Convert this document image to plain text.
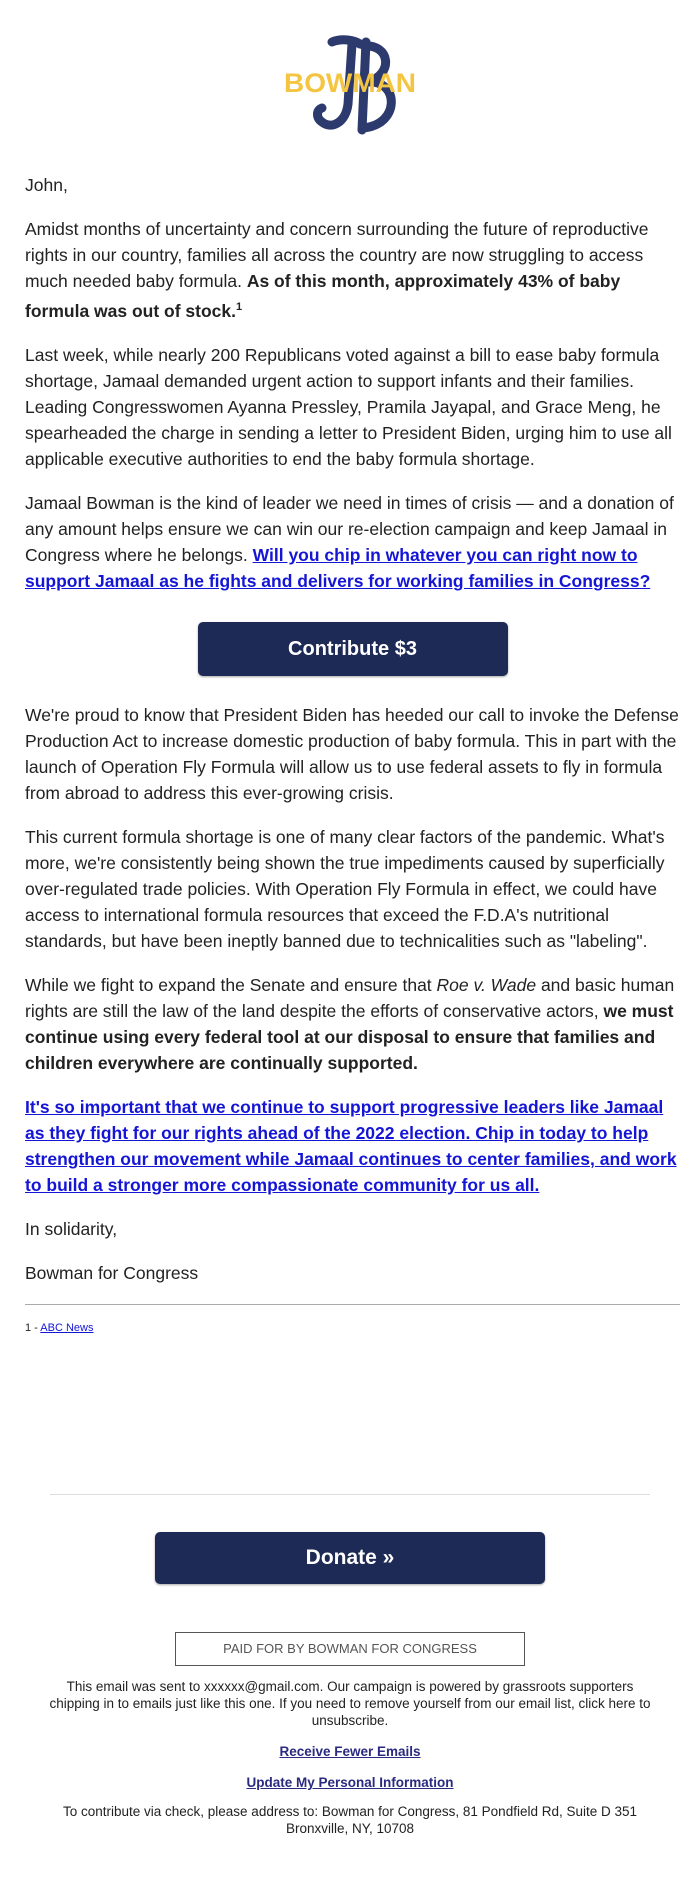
BOWMAN

John,

Amidst months of uncertainty and concern surrounding the future of reproductive rights in our country, families all across the country are now struggling to access much needed baby formula. As of this month, approximately 43% of baby formula was out of stock.$^1$

Last week, while nearly 200 Republicans voted against a bill to ease baby formula shortage, Jamaal demanded urgent action to support infants and their families. Leading Congresswomen Ayanna Pressley, Pramila Jayapal, and Grace Meng, he spearheaded the charge in sending a letter to President Biden, urging him to use all applicable executive authorities to end the baby formula shortage.

Jamaal Bowman is the kind of leader we need in times of crisis — and a donation of any amount helps ensure we can win our re-election campaign and keep Jamaal in Congress where he belongs. Will you chip in whatever you can right now to support Jamaal as he fights and delivers for working families in Congress?

Contribute $3

We're proud to know that President Biden has heeded our call to invoke the Defense Production Act to increase domestic production of baby formula. This in part with the launch of Operation Fly Formula will allow us to use federal assets to fly in formula from abroad to address this ever-growing crisis.

This current formula shortage is one of many clear factors of the pandemic. What's more, we're consistently being shown the true impediments caused by superficially over-regulated trade policies. With Operation Fly Formula in effect, we could have access to international formula resources that exceed the F.D.A's nutritional standards, but have been ineptly banned due to technicalities such as "labeling".

While we fight to expand the Senate and ensure that Roe v. Wade and basic human rights are still the law of the land despite the efforts of conservative actors, we must continue using every federal tool at our disposal to ensure that families and children everywhere are continually supported.

It's so important that we continue to support progressive leaders like Jamaal as they fight for our rights ahead of the 2022 election. Chip in today to help strengthen our movement while Jamaal continues to center families, and work to build a stronger more compassionate community for us all.

In solidarity,

Bowman for Congress

1 - ABC News
Donate »
PAID FOR BY BOWMAN FOR CONGRESS
This email was sent to xxxxxx@gmail.com. Our campaign is powered by grassroots supporters chipping in to emails just like this one. If you need to remove yourself from our email list, click here to unsubscribe.
Receive Fewer Emails
Update My Personal Information
To contribute via check, please address to: Bowman for Congress, 81 Pondfield Rd, Suite D 351 Bronxville, NY, 10708
